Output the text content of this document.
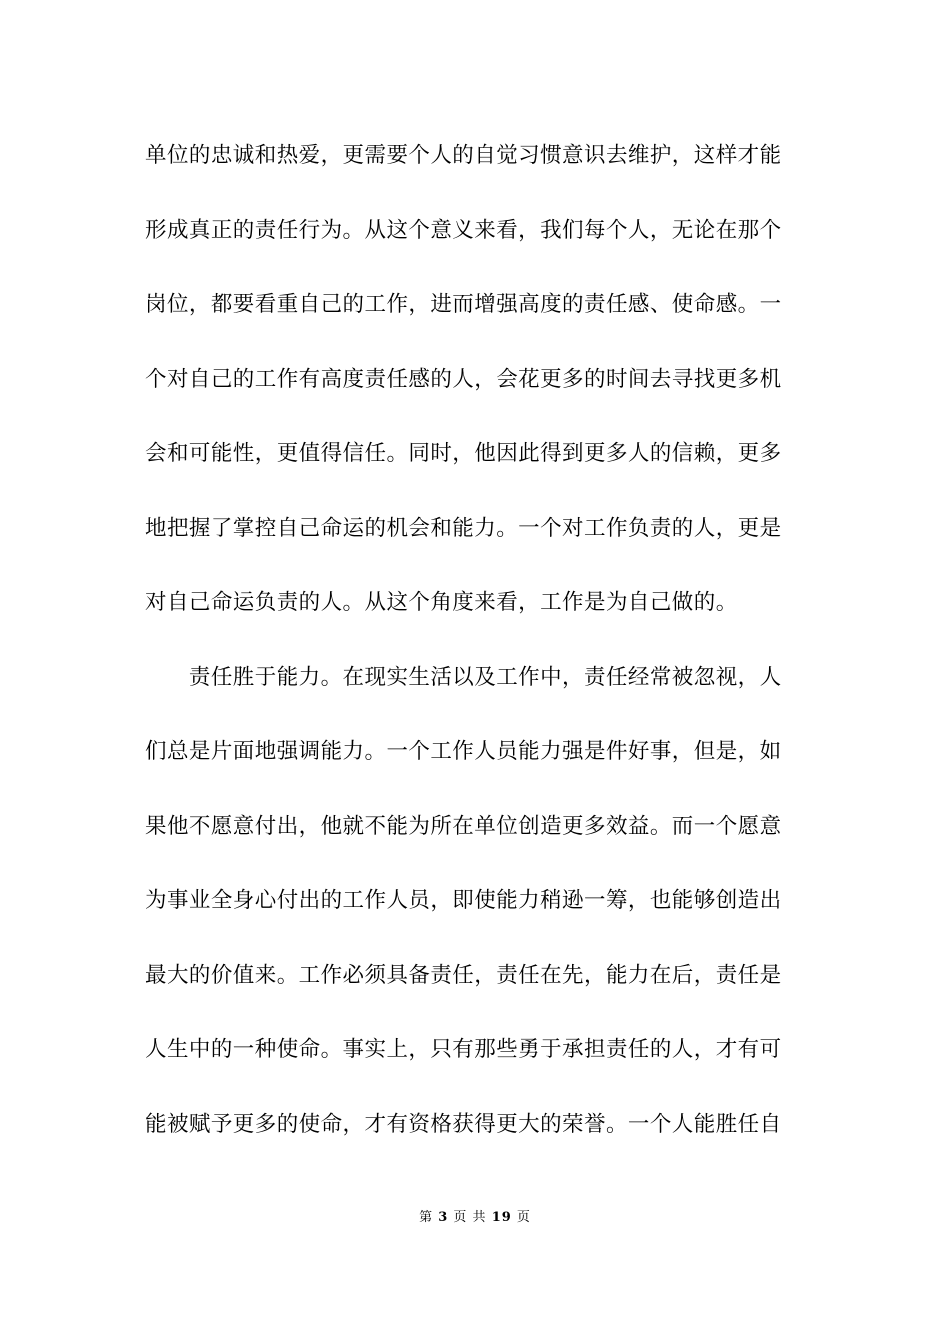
单位的忠诚和热爱，更需要个人的自觉习惯意识去维护，这样才能
形成真正的责任行为。从这个意义来看，我们每个人，无论在那个
岗位，都要看重自己的工作，进而增强高度的责任感、使命感。一
个对自己的工作有高度责任感的人，会花更多的时间去寻找更多机
会和可能性，更值得信任。同时，他因此得到更多人的信赖，更多
地把握了掌控自己命运的机会和能力。一个对工作负责的人，更是
对自己命运负责的人。从这个角度来看，工作是为自己做的。
　　责任胜于能力。在现实生活以及工作中，责任经常被忽视，人
们总是片面地强调能力。一个工作人员能力强是件好事，但是，如
果他不愿意付出，他就不能为所在单位创造更多效益。而一个愿意
为事业全身心付出的工作人员，即使能力稍逊一筹，也能够创造出
最大的价值来。工作必须具备责任，责任在先，能力在后，责任是
人生中的一种使命。事实上，只有那些勇于承担责任的人，才有可
能被赋予更多的使命，才有资格获得更大的荣誉。一个人能胜任自
第 3 页 共 19 页
